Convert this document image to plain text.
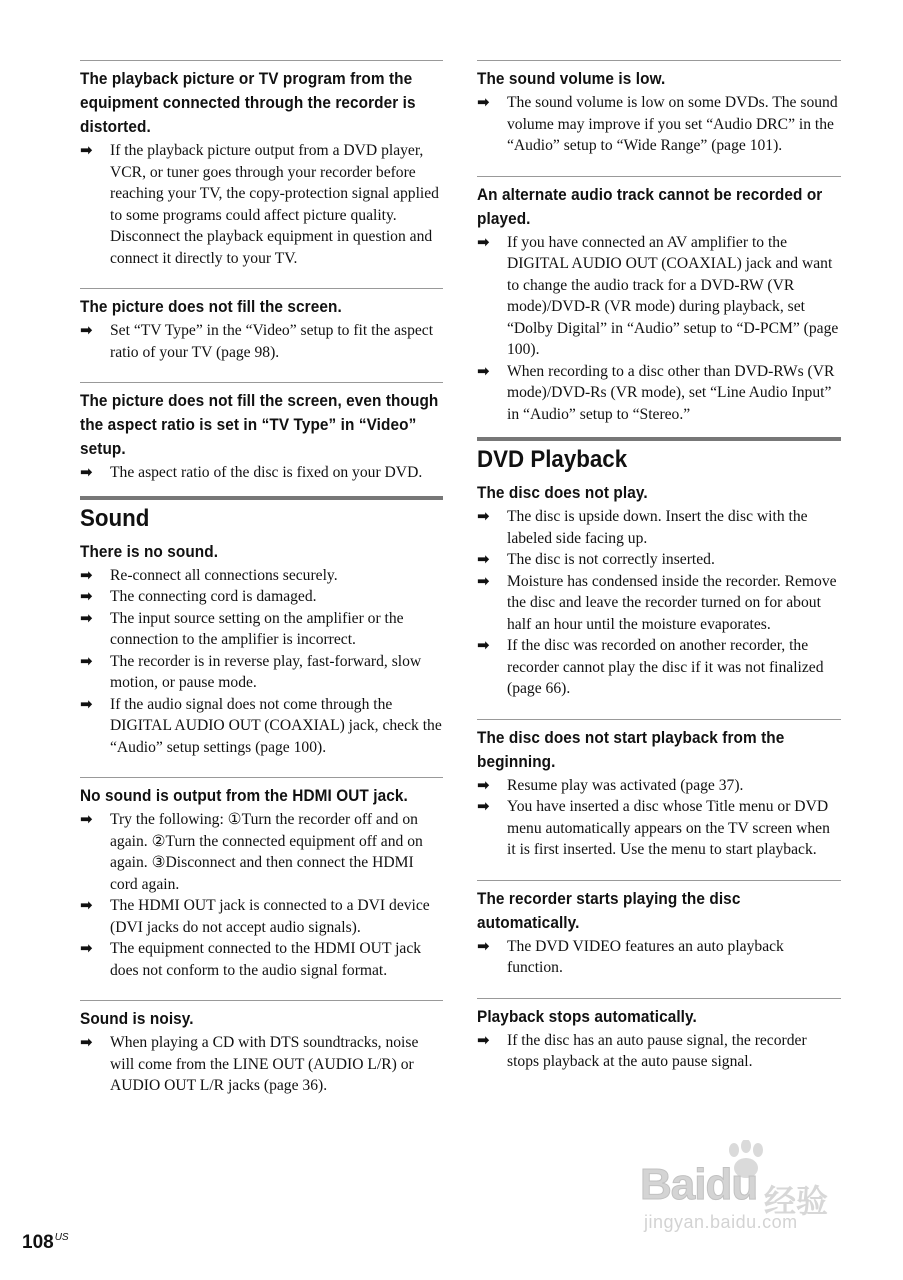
The playback picture or TV program from the equipment connected through the recorder is distorted.
➡	If the playback picture output from a DVD player, VCR, or tuner goes through your recorder before reaching your TV, the copy-protection signal applied to some programs could affect picture quality. Disconnect the playback equipment in question and connect it directly to your TV.
The picture does not fill the screen.
➡	Set “TV Type” in the “Video” setup to fit the aspect ratio of your TV (page 98).
The picture does not fill the screen, even though the aspect ratio is set in “TV Type” in “Video” setup.
➡	The aspect ratio of the disc is fixed on your DVD.
Sound
There is no sound.
➡	Re-connect all connections securely.
➡	The connecting cord is damaged.
➡	The input source setting on the amplifier or the connection to the amplifier is incorrect.
➡	The recorder is in reverse play, fast-forward, slow motion, or pause mode.
➡	If the audio signal does not come through the DIGITAL AUDIO OUT (COAXIAL) jack, check the “Audio” setup settings (page 100).
No sound is output from the HDMI OUT jack.
➡	Try the following: ①Turn the recorder off and on again. ②Turn the connected equipment off and on again. ③Disconnect and then connect the HDMI cord again.
➡	The HDMI OUT jack is connected to a DVI device (DVI jacks do not accept audio signals).
➡	The equipment connected to the HDMI OUT jack does not conform to the audio signal format.
Sound is noisy.
➡	When playing a CD with DTS soundtracks, noise will come from the LINE OUT (AUDIO L/R) or AUDIO OUT L/R jacks (page 36).
The sound volume is low.
➡	The sound volume is low on some DVDs. The sound volume may improve if you set “Audio DRC” in the “Audio” setup to “Wide Range” (page 101).
An alternate audio track cannot be recorded or played.
➡	If you have connected an AV amplifier to the DIGITAL AUDIO OUT (COAXIAL) jack and want to change the audio track for a DVD-RW (VR mode)/DVD-R (VR mode) during playback, set “Dolby Digital” in “Audio” setup to “D-PCM” (page 100).
➡	When recording to a disc other than DVD-RWs (VR mode)/DVD-Rs (VR mode), set “Line Audio Input” in “Audio” setup to “Stereo.”
DVD Playback
The disc does not play.
➡	The disc is upside down. Insert the disc with the labeled side facing up.
➡	The disc is not correctly inserted.
➡	Moisture has condensed inside the recorder. Remove the disc and leave the recorder turned on for about half an hour until the moisture evaporates.
➡	If the disc was recorded on another recorder, the recorder cannot play the disc if it was not finalized (page 66).
The disc does not start playback from the beginning.
➡	Resume play was activated (page 37).
➡	You have inserted a disc whose Title menu or DVD menu automatically appears on the TV screen when it is first inserted. Use the menu to start playback.
The recorder starts playing the disc automatically.
➡	The DVD VIDEO features an auto playback function.
Playback stops automatically.
➡	If the disc has an auto pause signal, the recorder stops playback at the auto pause signal.
$108^{US}$
Baidu 经验
jingyan.baidu.com
